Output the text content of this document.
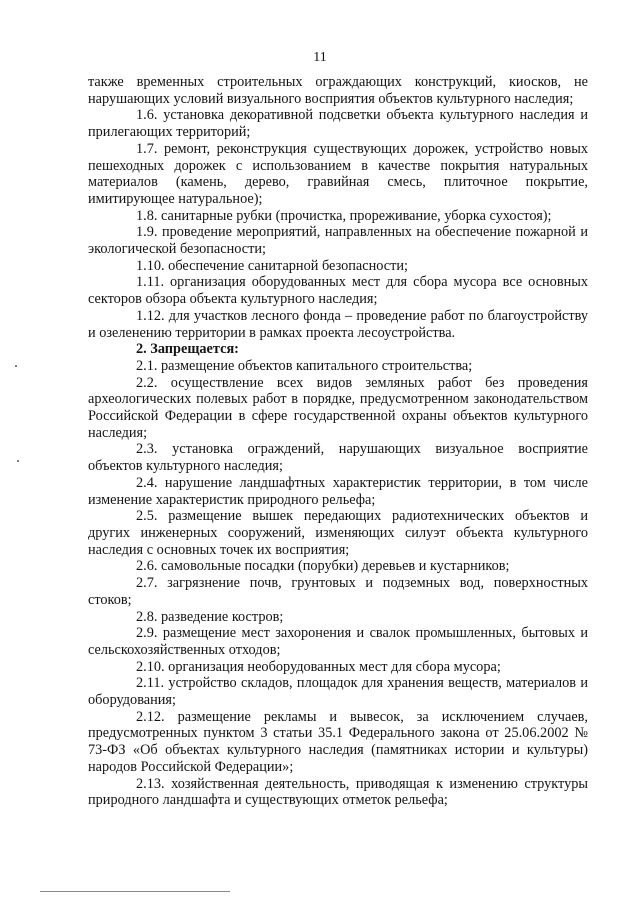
11

также временных строительных ограждающих конструкций, киосков, не нарушающих условий визуального восприятия объектов культурного наследия;

1.6. установка декоративной подсветки объекта культурного наследия и прилегающих территорий;

1.7. ремонт, реконструкция существующих дорожек, устройство новых пешеходных дорожек с использованием в качестве покрытия натуральных материалов (камень, дерево, гравийная смесь, плиточное покрытие, имитирующее натуральное);

1.8. санитарные рубки (прочистка, прореживание, уборка сухостоя);

1.9. проведение мероприятий, направленных на обеспечение пожарной и экологической безопасности;

1.10. обеспечение санитарной безопасности;

1.11. организация оборудованных мест для сбора мусора все основных секторов обзора объекта культурного наследия;

1.12. для участков лесного фонда – проведение работ по благоустройству и озеленению территории в рамках проекта лесоустройства.

2. Запрещается:

2.1. размещение объектов капитального строительства;

2.2. осуществление всех видов земляных работ без проведения археологических полевых работ в порядке, предусмотренном законодательством Российской Федерации в сфере государственной охраны объектов культурного наследия;

2.3. установка ограждений, нарушающих визуальное восприятие объектов культурного наследия;

2.4. нарушение ландшафтных характеристик территории, в том числе изменение характеристик природного рельефа;

2.5. размещение вышек передающих радиотехнических объектов и других инженерных сооружений, изменяющих силуэт объекта культурного наследия с основных точек их восприятия;

2.6. самовольные посадки (порубки) деревьев и кустарников;

2.7. загрязнение почв, грунтовых и подземных вод, поверхностных стоков;

2.8. разведение костров;

2.9. размещение мест захоронения и свалок промышленных, бытовых и сельскохозяйственных отходов;

2.10. организация необорудованных мест для сбора мусора;

2.11. устройство складов, площадок для хранения веществ, материалов и оборудования;

2.12. размещение рекламы и вывесок, за исключением случаев, предусмотренных пунктом 3 статьи 35.1 Федерального закона от 25.06.2002 № 73-ФЗ «Об объектах культурного наследия (памятниках истории и культуры) народов Российской Федерации»;

2.13. хозяйственная деятельность, приводящая к изменению структуры природного ландшафта и существующих отметок рельефа;
